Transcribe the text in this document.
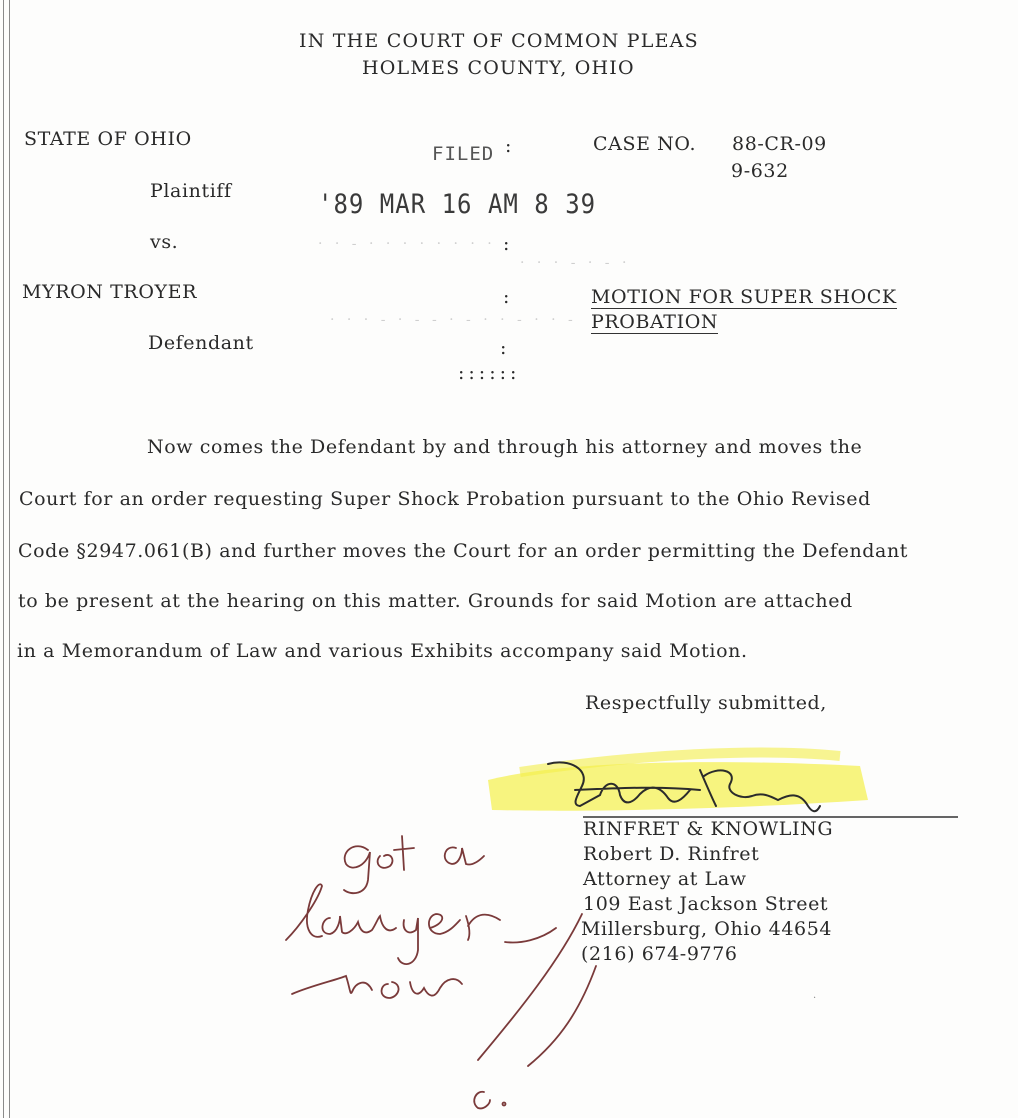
IN THE COURT OF COMMON PLEAS
HOLMES COUNTY, OHIO
STATE OF OHIO
Plaintiff
vs.
MYRON TROYER
Defendant
FILED :
'89 MAR 16 AM 8 39
CASE NO. 88-CR-09
9-632
· · - · · · · · · · ·
· · · - · - ·
· · · - · - - · - · · - · · -
:
:
:
::::::
MOTION FOR SUPER SHOCK
PROBATION
Now comes the Defendant by and through his attorney and moves the
Court for an order requesting Super Shock Probation pursuant to the Ohio Revised
Code §2947.061(B) and further moves the Court for an order permitting the Defendant
to be present at the hearing on this matter. Grounds for said Motion are attached
in a Memorandum of Law and various Exhibits accompany said Motion.
Respectfully submitted,
RINFRET & KNOWLING
Robert D. Rinfret
Attorney at Law
109 East Jackson Street
Millersburg, Ohio 44654
(216) 674-9776
.
